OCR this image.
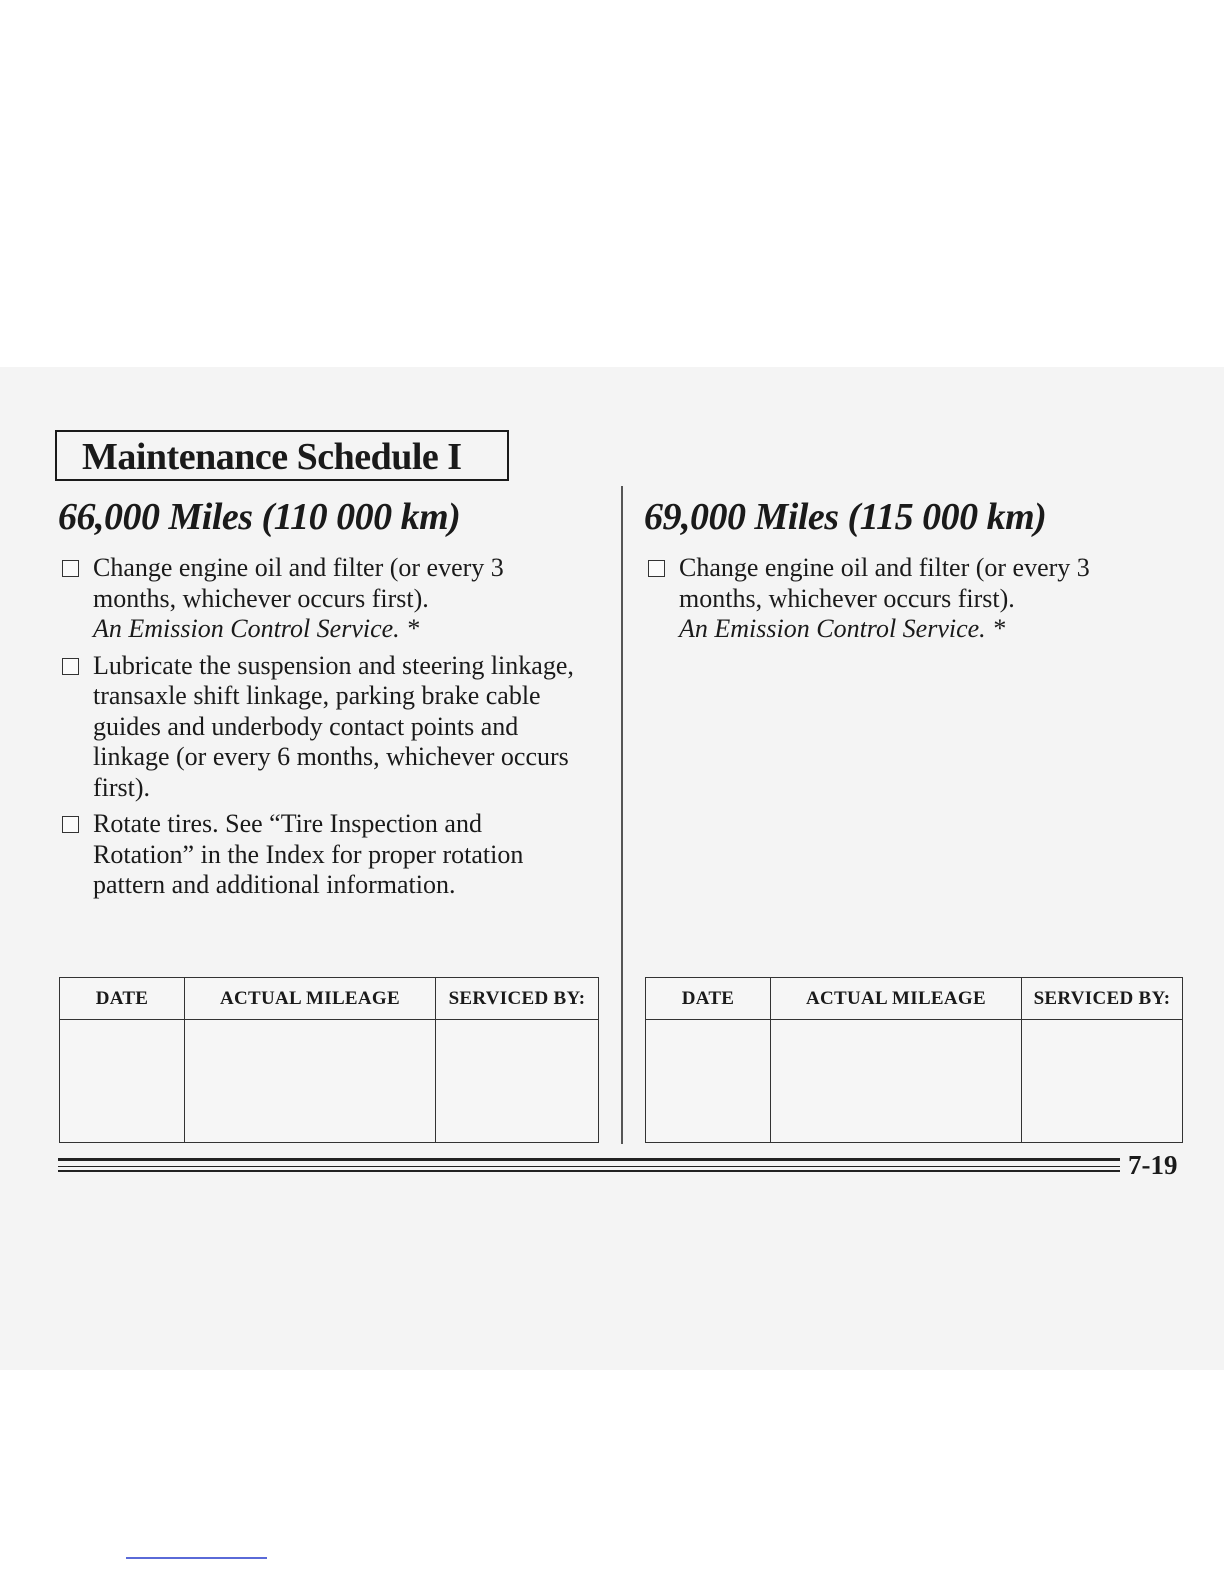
Maintenance Schedule I
66,000 Miles (110 000 km)
Change engine oil and filter (or every 3 months, whichever occurs first).
An Emission Control Service. *
Lubricate the suspension and steering linkage, transaxle shift linkage, parking brake cable guides and underbody contact points and linkage (or every 6 months, whichever occurs first).
Rotate tires. See “Tire Inspection and Rotation” in the Index for proper rotation pattern and additional information.
69,000 Miles (115 000 km)
Change engine oil and filter (or every 3 months, whichever occurs first).
An Emission Control Service. *
DATE	ACTUAL MILEAGE	SERVICED BY:
			DATE	ACTUAL MILEAGE	SERVICED BY:

7-19
